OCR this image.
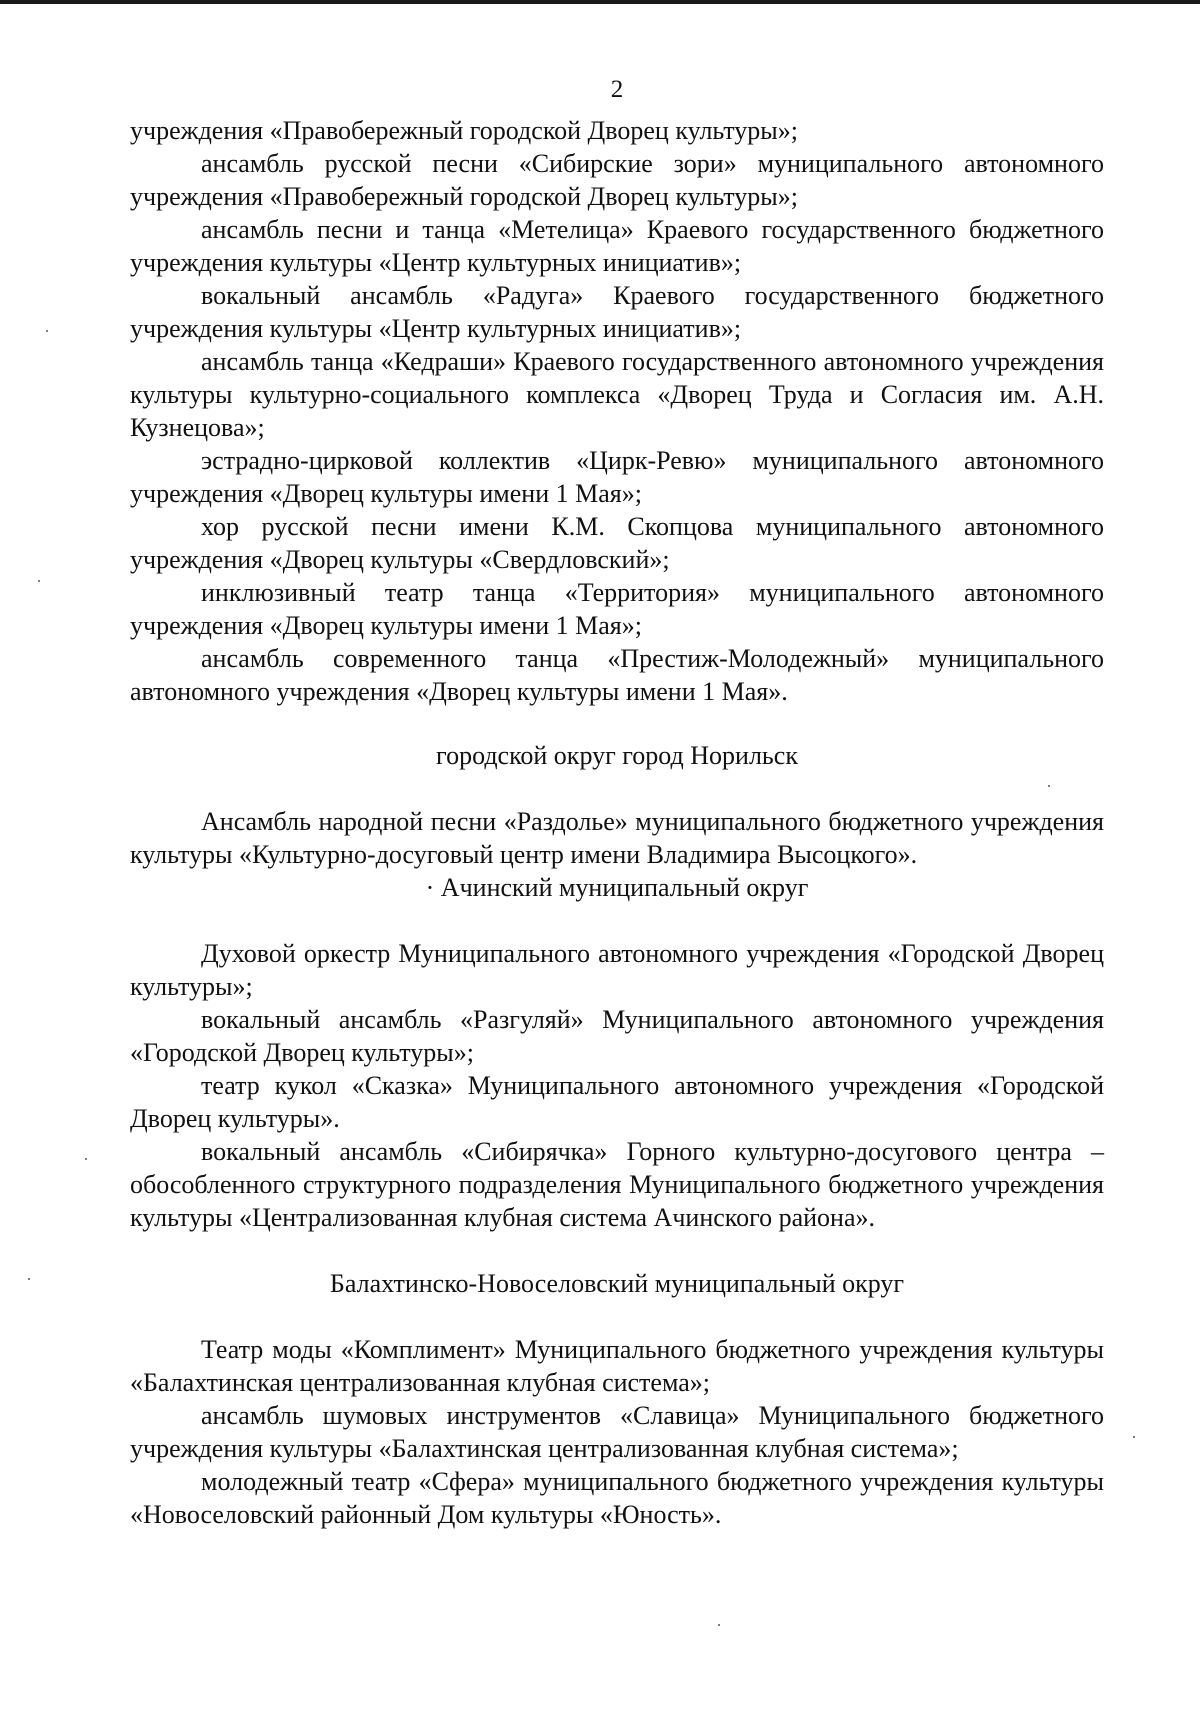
2

учреждения «Правобережный городской Дворец культуры»;

ансамбль русской песни «Сибирские зори» муниципального автономного учреждения «Правобережный городской Дворец культуры»;

ансамбль песни и танца «Метелица» Краевого государственного бюджетного учреждения культуры «Центр культурных инициатив»;

вокальный ансамбль «Радуга» Краевого государственного бюджетного учреждения культуры «Центр культурных инициатив»;

ансамбль танца «Кедраши» Краевого государственного автономного учреждения культуры культурно-социального комплекса «Дворец Труда и Согласия им. А.Н. Кузнецова»;

эстрадно-цирковой коллектив «Цирк-Ревю» муниципального автономного учреждения «Дворец культуры имени 1 Мая»;

хор русской песни имени К.М. Скопцова муниципального автономного учреждения «Дворец культуры «Свердловский»;

инклюзивный театр танца «Территория» муниципального автономного учреждения «Дворец культуры имени 1 Мая»;

ансамбль современного танца «Престиж-Молодежный» муниципального автономного учреждения «Дворец культуры имени 1 Мая».

городской округ город Норильск

Ансамбль народной песни «Раздолье» муниципального бюджетного учреждения культуры «Культурно-досуговый центр имени Владимира Высоцкого».

· Ачинский муниципальный округ

Духовой оркестр Муниципального автономного учреждения «Городской Дворец культуры»;

вокальный ансамбль «Разгуляй» Муниципального автономного учреждения «Городской Дворец культуры»;

театр кукол «Сказка» Муниципального автономного учреждения «Городской Дворец культуры».

вокальный ансамбль «Сибирячка» Горного культурно-досугового центра – обособленного структурного подразделения Муниципального бюджетного учреждения культуры «Централизованная клубная система Ачинского района».

Балахтинско-Новоселовский муниципальный округ

Театр моды «Комплимент» Муниципального бюджетного учреждения культуры «Балахтинская централизованная клубная система»;

ансамбль шумовых инструментов «Славица» Муниципального бюджетного учреждения культуры «Балахтинская централизованная клубная система»;

молодежный театр «Сфера» муниципального бюджетного учреждения культуры «Новоселовский районный Дом культуры «Юность».
